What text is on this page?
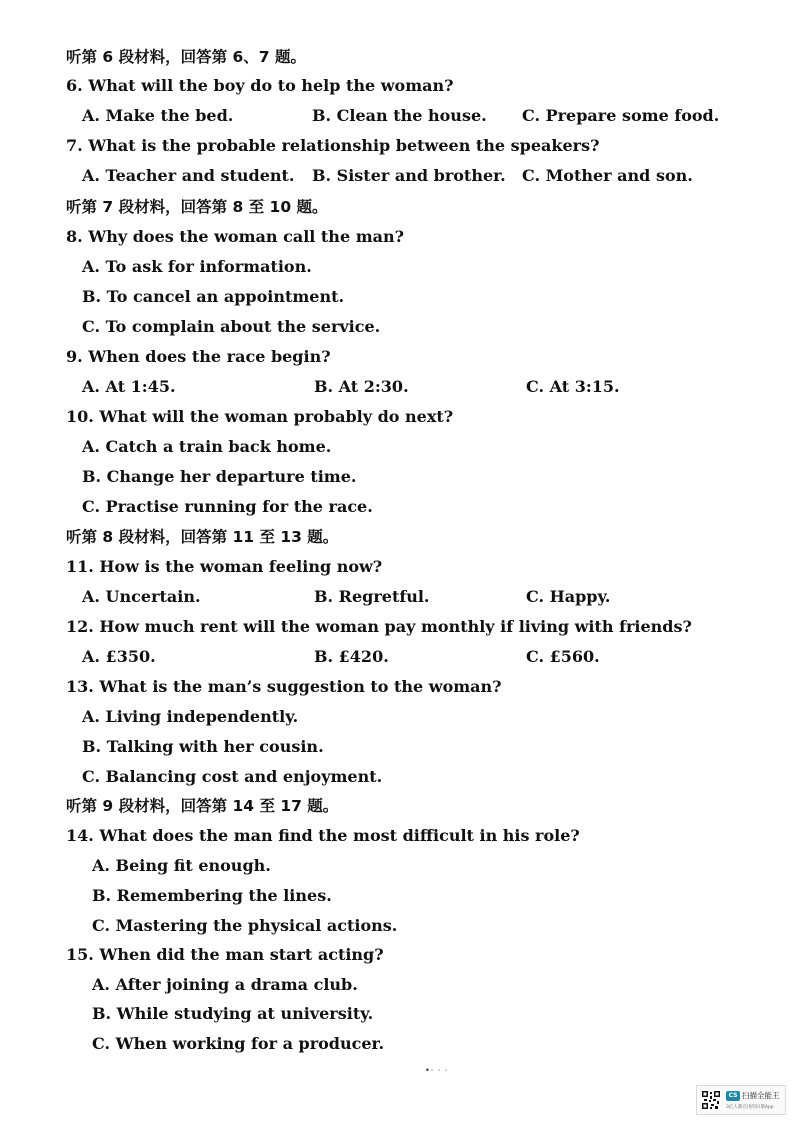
听第 6 段材料，回答第 6、7 题。
6. What will the boy do to help the woman?
A. Make the bed.	B. Clean the house. C. Prepare some food.
7. What is the probable relationship between the speakers?
A. Teacher and student. B. Sister and brother. C. Mother and son.
听第 7 段材料，回答第 8 至 10 题。
8. Why does the woman call the man?
A. To ask for information.
B. To cancel an appointment.
C. To complain about the service.
9. When does the race begin?
A. At 1:45.	B. At 2:30.	C. At 3:15.
10. What will the woman probably do next?
A. Catch a train back home.
B. Change her departure time.
C. Practise running for the race.
听第 8 段材料，回答第 11 至 13 题。
11. How is the woman feeling now?
A. Uncertain.	B. Regretful.	C. Happy.
12. How much rent will the woman pay monthly if living with friends?
A. £350.	B. £420.	C. £560.
13. What is the man’s suggestion to the woman?
A. Living independently.
B. Talking with her cousin.
C. Balancing cost and enjoyment.
听第 9 段材料，回答第 14 至 17 题。
14. What does the man find the most difficult in his role?
A. Being fit enough.
B. Remembering the lines.
C. Mastering the physical actions.
15. When did the man start acting?
A. After joining a drama club.
B. While studying at university.
C. When working for a producer.
•· · ·
CS 扫描全能王
3亿人都在用的扫描App
